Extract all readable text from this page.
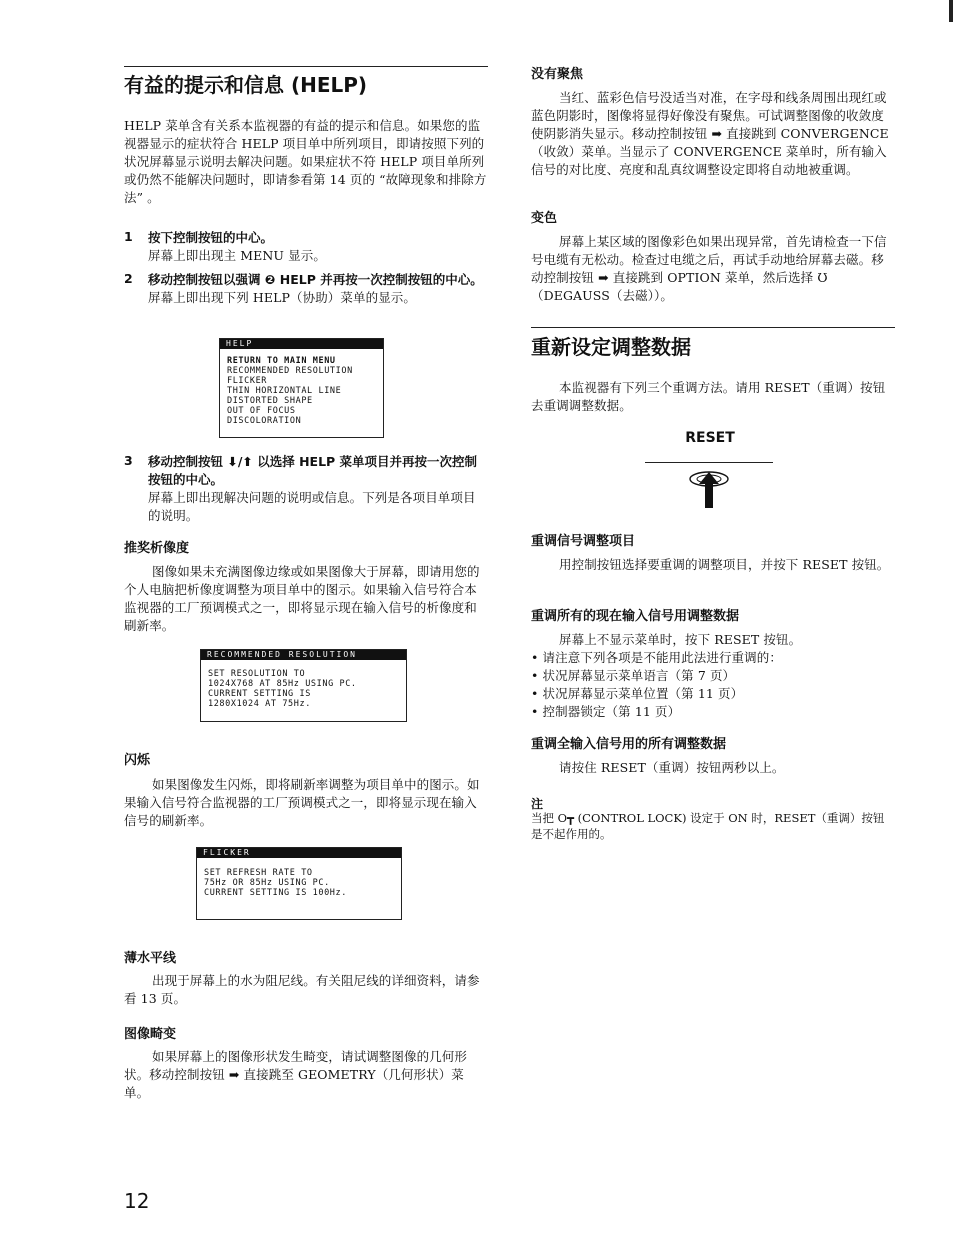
有益的提示和信息 (HELP)
HELP 菜单含有关系本监视器的有益的提示和信息。如果您的监视器显示的症状符合 HELP 项目单中所列项目，即请按照下列的状况屏幕显示说明去解决问题。如果症状不符 HELP 项目单所列或仍然不能解决问题时，即请参看第 14 页的 “故障现象和排除方法” 。
1 按下控制按钮的中心。
屏幕上即出现主 MENU 显示。
2 移动控制按钮以强调 ❷ HELP 并再按一次控制按钮的中心。
屏幕上即出现下列 HELP（协助）菜单的显示。
HELP
RETURN TO MAIN MENU
RECOMMENDED RESOLUTION
FLICKER
THIN HORIZONTAL LINE
DISTORTED SHAPE
OUT OF FOCUS
DISCOLORATION
3 移动控制按钮 ⬇/⬆ 以选择 HELP 菜单项目并再按一次控制按钮的中心。
屏幕上即出现解决问题的说明或信息。下列是各项目单项目的说明。
推奖析像度
图像如果未充满图像边缘或如果图像大于屏幕，即请用您的个人电脑把析像度调整为项目单中的图示。如果输入信号符合本监视器的工厂预调模式之一，即将显示现在输入信号的析像度和刷新率。
RECOMMENDED RESOLUTION
SET RESOLUTION TO
1024X768 AT 85Hz USING PC.
CURRENT SETTING IS
1280X1024 AT 75Hz.
闪烁
如果图像发生闪烁，即将刷新率调整为项目单中的图示。如果输入信号符合监视器的工厂预调模式之一，即将显示现在输入信号的刷新率。
FLICKER
SET REFRESH RATE TO
75Hz OR 85Hz USING PC.
CURRENT SETTING IS 100Hz.
薄水平线
出现于屏幕上的水为阻尼线。有关阻尼线的详细资料，请参看 13 页。
图像畸变
如果屏幕上的图像形状发生畸变，请试调整图像的几何形状。移动控制按钮 ➡ 直接跳至 GEOMETRY（几何形状）菜单。
没有聚焦
当红、蓝彩色信号没适当对准，在字母和线条周围出现红或蓝色阴影时，图像将显得好像没有聚焦。可试调整图像的收敛度使阴影消失显示。移动控制按钮 ➡ 直接跳到 CONVERGENCE（收敛）菜单。当显示了 CONVERGENCE 菜单时，所有输入信号的对比度、亮度和乱真纹调整设定即将自动地被重调。
变色
屏幕上某区域的图像彩色如果出现异常，首先请检查一下信号电缆有无松动。检查过电缆之后，再试手动地给屏幕去磁。移动控制按钮 ➡ 直接跳到 OPTION 菜单，然后选择 Ʊ（DEGAUSS（去磁））。
重新设定调整数据
本监视器有下列三个重调方法。请用 RESET（重调）按钮去重调调整数据。
RESET
重调信号调整项目
用控制按钮选择要重调的调整项目，并按下 RESET 按钮。
重调所有的现在输入信号用调整数据
屏幕上不显示菜单时，按下 RESET 按钮。
• 请注意下列各项是不能用此法进行重调的：
• 状况屏幕显示菜单语言（第 7 页）
• 状况屏幕显示菜单位置（第 11 页）
• 控制器锁定（第 11 页）
重调全输入信号用的所有调整数据
请按住 RESET（重调）按钮两秒以上。
注
当把 O┳ (CONTROL LOCK) 设定于 ON 时，RESET（重调）按钮是不起作用的。
12
